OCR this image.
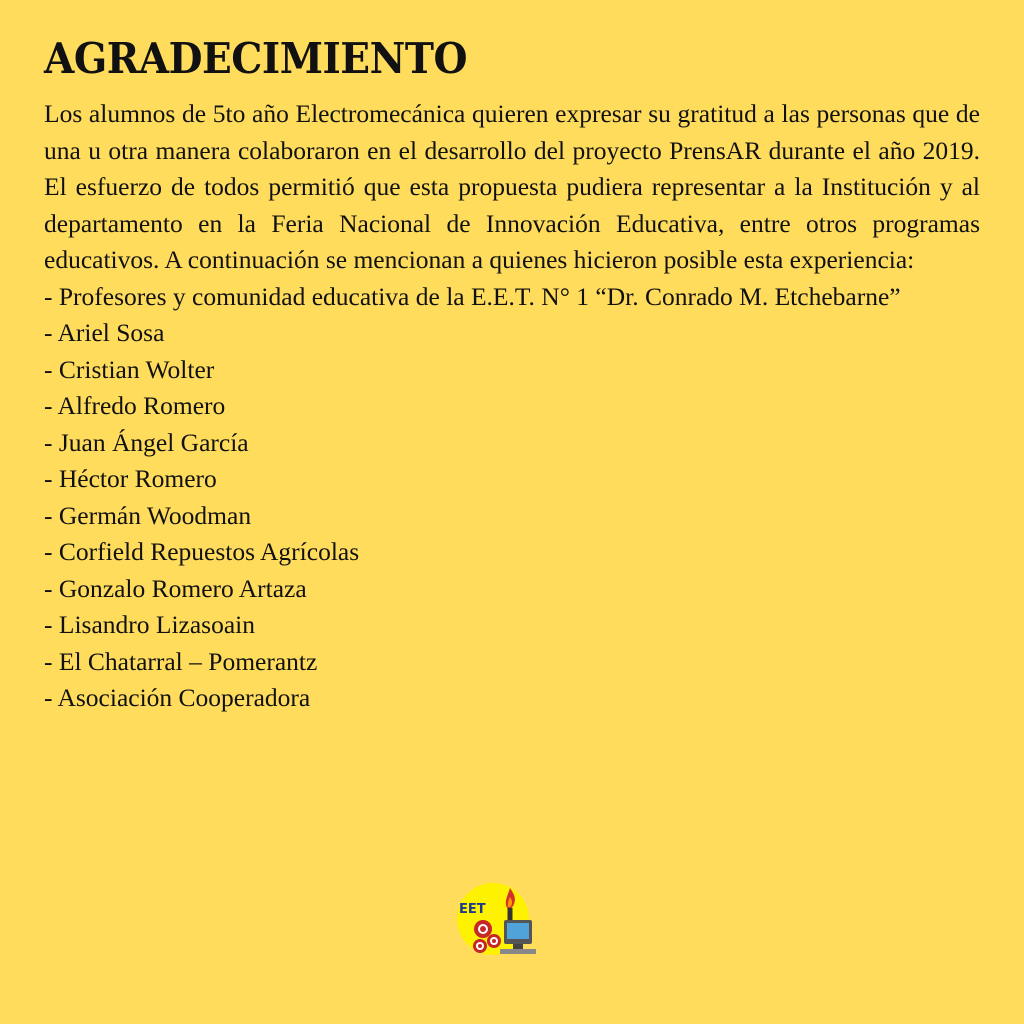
AGRADECIMIENTO

Los alumnos de 5to año Electromecánica quieren expresar su gratitud a las personas que de una u otra manera colaboraron en el desarrollo del proyecto PrensAR durante el año 2019. El esfuerzo de todos permitió que esta propuesta pudiera representar a la Institución y al departamento en la Feria Nacional de Innovación Educativa, entre otros programas educativos. A continuación se mencionan a quienes hicieron posible esta experiencia:

- Profesores y comunidad educativa de la E.E.T. N° 1 “Dr. Conrado M. Etchebarne”

- Ariel Sosa

- Cristian Wolter

- Alfredo Romero

- Juan Ángel García

- Héctor Romero

- Germán Woodman

- Corfield Repuestos Agrícolas

- Gonzalo Romero Artaza

- Lisandro Lizasoain

- El Chatarral – Pomerantz

- Asociación Cooperadora

EET
